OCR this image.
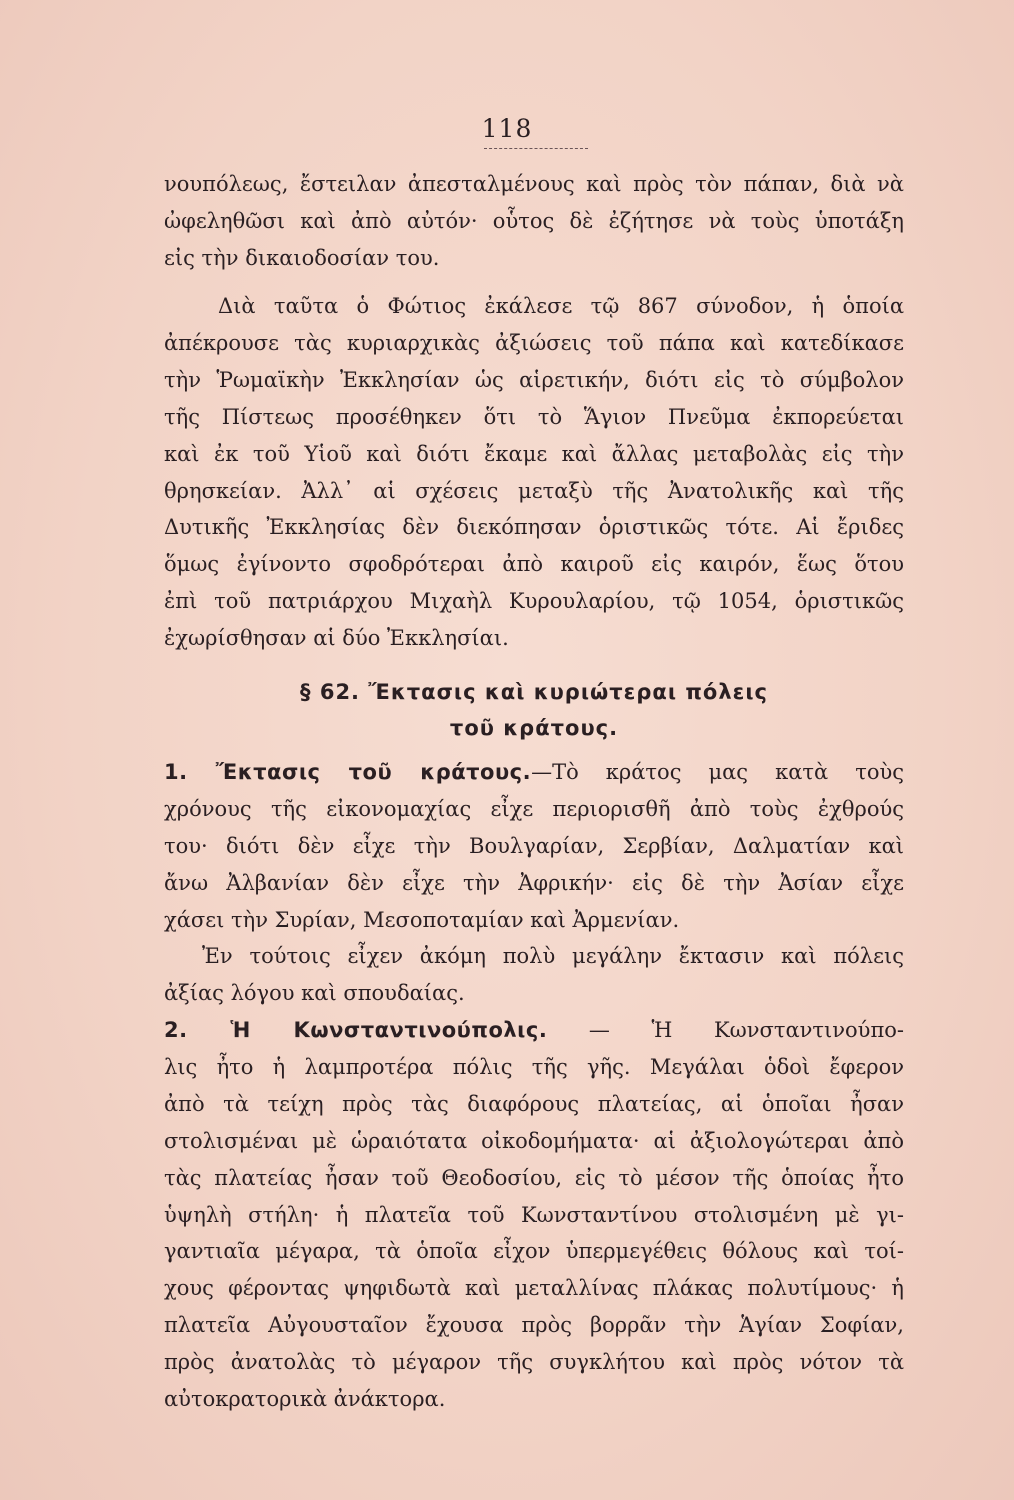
118
νουπόλεως, ἔστειλαν ἀπεσταλμένους καὶ πρὸς τὸν πάπαν, διὰ νὰ
ὠφεληθῶσι καὶ ἀπὸ αὐτόν· οὗτος δὲ ἐζήτησε νὰ τοὺς ὑποτάξη
εἰς τὴν δικαιοδοσίαν του.
Διὰ ταῦτα ὁ Φώτιος ἐκάλεσε τῷ 867 σύνοδον, ἡ ὁποία
ἀπέκρουσε τὰς κυριαρχικὰς ἀξιώσεις τοῦ πάπα καὶ κατεδίκασε
τὴν Ῥωμαϊκὴν Ἐκκλησίαν ὡς αἱρετικήν, διότι εἰς τὸ σύμβολον
τῆς Πίστεως προσέθηκεν ὅτι τὸ Ἅγιον Πνεῦμα ἐκπορεύεται
καὶ ἐκ τοῦ Υἱοῦ καὶ διότι ἔκαμε καὶ ἄλλας μεταβολὰς εἰς τὴν
θρησκείαν. Ἀλλ᾽ αἱ σχέσεις μεταξὺ τῆς Ἀνατολικῆς καὶ τῆς
Δυτικῆς Ἐκκλησίας δὲν διεκόπησαν ὁριστικῶς τότε. Αἱ ἔριδες
ὅμως ἐγίνοντο σφοδρότεραι ἀπὸ καιροῦ εἰς καιρόν, ἕως ὅτου
ἐπὶ τοῦ πατριάρχου Μιχαὴλ Κυρουλαρίου, τῷ 1054, ὁριστικῶς
ἐχωρίσθησαν αἱ δύο Ἐκκλησίαι.
§ 62. Ἔκτασις καὶ κυριώτεραι πόλεις
τοῦ κράτους.
1. Ἔκτασις τοῦ κράτους.—Τὸ κράτος μας κατὰ τοὺς
χρόνους τῆς εἰκονομαχίας εἶχε περιορισθῆ ἀπὸ τοὺς ἐχθρούς
του· διότι δὲν εἶχε τὴν Βουλγαρίαν, Σερβίαν, Δαλματίαν καὶ
ἄνω Ἀλβανίαν δὲν εἶχε τὴν Ἀφρικήν· εἰς δὲ τὴν Ἀσίαν εἶχε
χάσει τὴν Συρίαν, Μεσοποταμίαν καὶ Ἀρμενίαν.
Ἐν τούτοις εἶχεν ἀκόμη πολὺ μεγάλην ἔκτασιν καὶ πόλεις
ἀξίας λόγου καὶ σπουδαίας.
2. Ἡ Κωνσταντινούπολις. — Ἡ Κωνσταντινούπο-
λις ἦτο ἡ λαμπροτέρα πόλις τῆς γῆς. Μεγάλαι ὁδοὶ ἔφερον
ἀπὸ τὰ τείχη πρὸς τὰς διαφόρους πλατείας, αἱ ὁποῖαι ἦσαν
στολισμέναι μὲ ὡραιότατα οἰκοδομήματα· αἱ ἀξιολογώτεραι ἀπὸ
τὰς πλατείας ἦσαν τοῦ Θεοδοσίου, εἰς τὸ μέσον τῆς ὁποίας ἦτο
ὑψηλὴ στήλη· ἡ πλατεῖα τοῦ Κωνσταντίνου στολισμένη μὲ γι-
γαντιαῖα μέγαρα, τὰ ὁποῖα εἶχον ὑπερμεγέθεις θόλους καὶ τοί-
χους φέροντας ψηφιδωτὰ καὶ μεταλλίνας πλάκας πολυτίμους· ἡ
πλατεῖα Αὐγουσταῖον ἔχουσα πρὸς βορρᾶν τὴν Ἁγίαν Σοφίαν,
πρὸς ἀνατολὰς τὸ μέγαρον τῆς συγκλήτου καὶ πρὸς νότον τὰ
αὐτοκρατορικὰ ἀνάκτορα.
